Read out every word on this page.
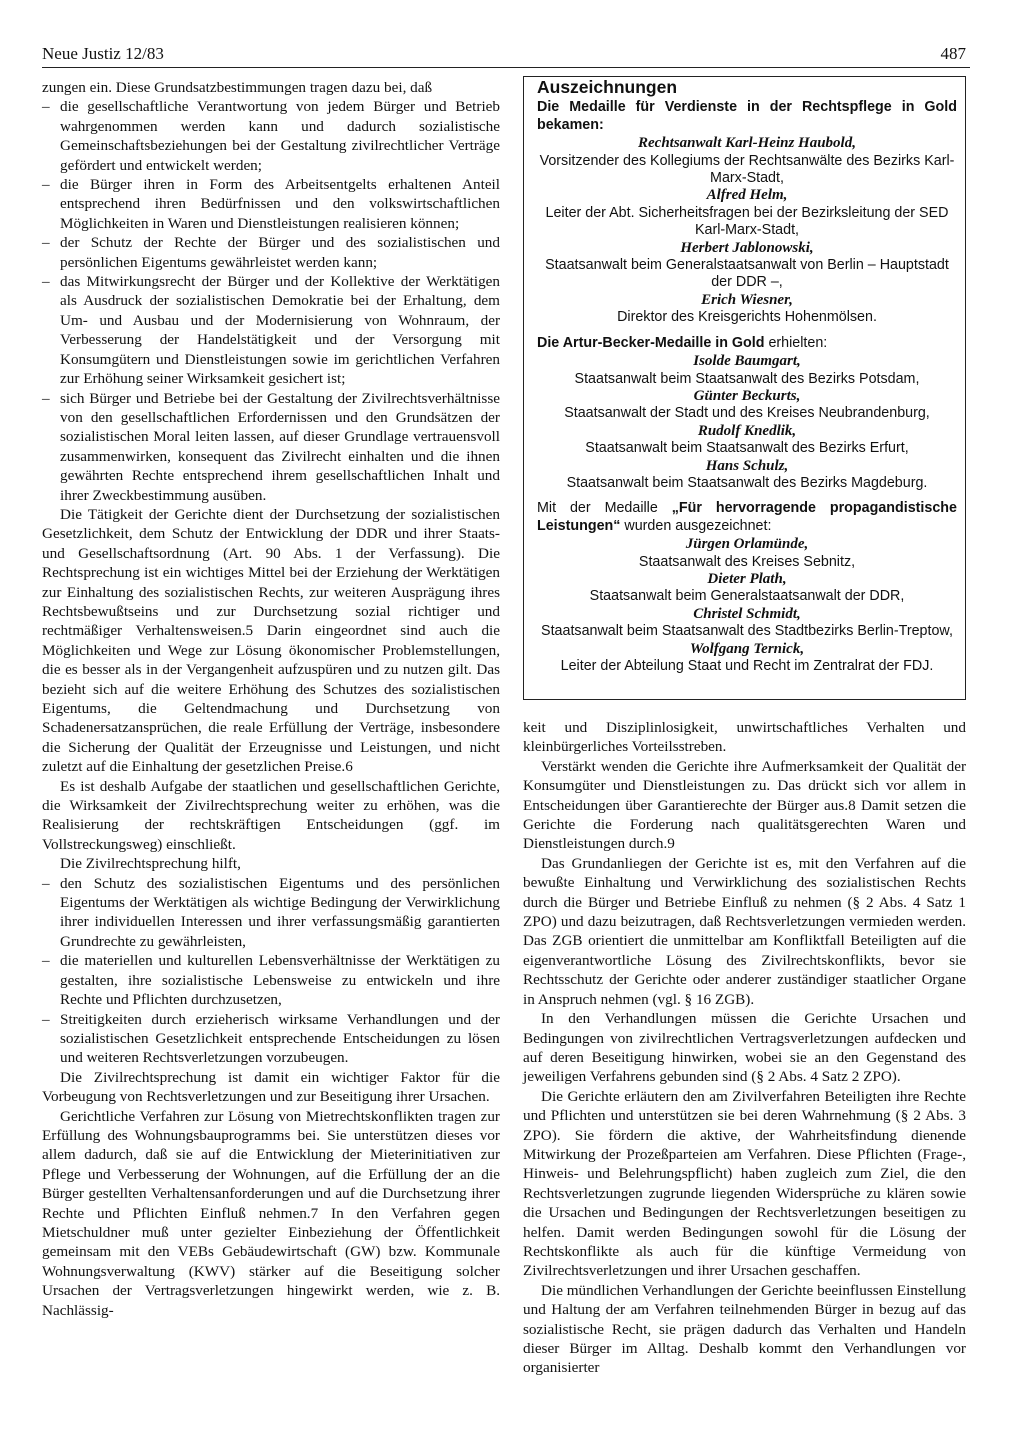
Neue Justiz 12/83	487

zungen ein. Diese Grundsatzbestimmungen tragen dazu bei, daß

– die gesellschaftliche Verantwortung von jedem Bürger und Betrieb wahrgenommen werden kann und dadurch sozialistische Gemeinschaftsbeziehungen bei der Gestaltung zivilrechtlicher Verträge gefördert und entwickelt werden;
– die Bürger ihren in Form des Arbeitsentgelts erhaltenen Anteil entsprechend ihren Bedürfnissen und den volkswirtschaftlichen Möglichkeiten in Waren und Dienstleistungen realisieren können;
– der Schutz der Rechte der Bürger und des sozialistischen und persönlichen Eigentums gewährleistet werden kann;
– das Mitwirkungsrecht der Bürger und der Kollektive der Werktätigen als Ausdruck der sozialistischen Demokratie bei der Erhaltung, dem Um- und Ausbau und der Modernisierung von Wohnraum, der Verbesserung der Handelstätigkeit und der Versorgung mit Konsumgütern und Dienstleistungen sowie im gerichtlichen Verfahren zur Erhöhung seiner Wirksamkeit gesichert ist;
– sich Bürger und Betriebe bei der Gestaltung der Zivilrechtsverhältnisse von den gesellschaftlichen Erfordernissen und den Grundsätzen der sozialistischen Moral leiten lassen, auf dieser Grundlage vertrauensvoll zusammenwirken, konsequent das Zivilrecht einhalten und die ihnen gewährten Rechte entsprechend ihrem gesellschaftlichen Inhalt und ihrer Zweckbestimmung ausüben.

Die Tätigkeit der Gerichte dient der Durchsetzung der sozialistischen Gesetzlichkeit, dem Schutz der Entwicklung der DDR und ihrer Staats- und Gesellschaftsordnung (Art. 90 Abs. 1 der Verfassung). Die Rechtsprechung ist ein wichtiges Mittel bei der Erziehung der Werktätigen zur Einhaltung des sozialistischen Rechts, zur weiteren Ausprägung ihres Rechtsbewußtseins und zur Durchsetzung sozial richtiger und rechtmäßiger Verhaltensweisen.5 Darin eingeordnet sind auch die Möglichkeiten und Wege zur Lösung ökonomischer Problemstellungen, die es besser als in der Vergangenheit aufzuspüren und zu nutzen gilt. Das bezieht sich auf die weitere Erhöhung des Schutzes des sozialistischen Eigentums, die Geltendmachung und Durchsetzung von Schadenersatzansprüchen, die reale Erfüllung der Verträge, insbesondere die Sicherung der Qualität der Erzeugnisse und Leistungen, und nicht zuletzt auf die Einhaltung der gesetzlichen Preise.6

Es ist deshalb Aufgabe der staatlichen und gesellschaftlichen Gerichte, die Wirksamkeit der Zivilrechtsprechung weiter zu erhöhen, was die Realisierung der rechtskräftigen Entscheidungen (ggf. im Vollstreckungsweg) einschließt.

Die Zivilrechtsprechung hilft,

– den Schutz des sozialistischen Eigentums und des persönlichen Eigentums der Werktätigen als wichtige Bedingung der Verwirklichung ihrer individuellen Interessen und ihrer verfassungsmäßig garantierten Grundrechte zu gewährleisten,
– die materiellen und kulturellen Lebensverhältnisse der Werktätigen zu gestalten, ihre sozialistische Lebensweise zu entwickeln und ihre Rechte und Pflichten durchzusetzen,
– Streitigkeiten durch erzieherisch wirksame Verhandlungen und der sozialistischen Gesetzlichkeit entsprechende Entscheidungen zu lösen und weiteren Rechtsverletzungen vorzubeugen.

Die Zivilrechtsprechung ist damit ein wichtiger Faktor für die Vorbeugung von Rechtsverletzungen und zur Beseitigung ihrer Ursachen.

Gerichtliche Verfahren zur Lösung von Mietrechtskonflikten tragen zur Erfüllung des Wohnungsbauprogramms bei. Sie unterstützen dieses vor allem dadurch, daß sie auf die Entwicklung der Mieterinitiativen zur Pflege und Verbesserung der Wohnungen, auf die Erfüllung der an die Bürger gestellten Verhaltensanforderungen und auf die Durchsetzung ihrer Rechte und Pflichten Einfluß nehmen.7 In den Verfahren gegen Mietschuldner muß unter gezielter Einbeziehung der Öffentlichkeit gemeinsam mit den VEBs Gebäudewirtschaft (GW) bzw. Kommunale Wohnungsverwaltung (KWV) stärker auf die Beseitigung solcher Ursachen der Vertragsverletzungen hingewirkt werden, wie z. B. Nachlässig-

Auszeichnungen
Die Medaille für Verdienste in der Rechtspflege in Gold bekamen:
Rechtsanwalt Karl-Heinz Haubold,
Vorsitzender des Kollegiums der Rechtsanwälte des Bezirks Karl-Marx-Stadt,
Alfred Helm,
Leiter der Abt. Sicherheitsfragen bei der Bezirksleitung der SED Karl-Marx-Stadt,
Herbert Jablonowski,
Staatsanwalt beim Generalstaatsanwalt von Berlin – Hauptstadt der DDR –,
Erich Wiesner,
Direktor des Kreisgerichts Hohenmölsen.
Die Artur-Becker-Medaille in Gold erhielten:
Isolde Baumgart,
Staatsanwalt beim Staatsanwalt des Bezirks Potsdam,
Günter Beckurts,
Staatsanwalt der Stadt und des Kreises Neubrandenburg,
Rudolf Knedlik,
Staatsanwalt beim Staatsanwalt des Bezirks Erfurt,
Hans Schulz,
Staatsanwalt beim Staatsanwalt des Bezirks Magdeburg.
Mit der Medaille „Für hervorragende propagandistische Leistungen“ wurden ausgezeichnet:
Jürgen Orlamünde,
Staatsanwalt des Kreises Sebnitz,
Dieter Plath,
Staatsanwalt beim Generalstaatsanwalt der DDR,
Christel Schmidt,
Staatsanwalt beim Staatsanwalt des Stadtbezirks Berlin-Treptow,
Wolfgang Ternick,
Leiter der Abteilung Staat und Recht im Zentralrat der FDJ.

keit und Disziplinlosigkeit, unwirtschaftliches Verhalten und kleinbürgerliches Vorteilsstreben.

Verstärkt wenden die Gerichte ihre Aufmerksamkeit der Qualität der Konsumgüter und Dienstleistungen zu. Das drückt sich vor allem in Entscheidungen über Garantierechte der Bürger aus.8 Damit setzen die Gerichte die Forderung nach qualitätsgerechten Waren und Dienstleistungen durch.9

Das Grundanliegen der Gerichte ist es, mit den Verfahren auf die bewußte Einhaltung und Verwirklichung des sozialistischen Rechts durch die Bürger und Betriebe Einfluß zu nehmen (§ 2 Abs. 4 Satz 1 ZPO) und dazu beizutragen, daß Rechtsverletzungen vermieden werden. Das ZGB orientiert die unmittelbar am Konfliktfall Beteiligten auf die eigenverantwortliche Lösung des Zivilrechtskonflikts, bevor sie Rechtsschutz der Gerichte oder anderer zuständiger staatlicher Organe in Anspruch nehmen (vgl. § 16 ZGB).

In den Verhandlungen müssen die Gerichte Ursachen und Bedingungen von zivilrechtlichen Vertragsverletzungen aufdecken und auf deren Beseitigung hinwirken, wobei sie an den Gegenstand des jeweiligen Verfahrens gebunden sind (§ 2 Abs. 4 Satz 2 ZPO).

Die Gerichte erläutern den am Zivilverfahren Beteiligten ihre Rechte und Pflichten und unterstützen sie bei deren Wahrnehmung (§ 2 Abs. 3 ZPO). Sie fördern die aktive, der Wahrheitsfindung dienende Mitwirkung der Prozeßparteien am Verfahren. Diese Pflichten (Frage-, Hinweis- und Belehrungspflicht) haben zugleich zum Ziel, die den Rechtsverletzungen zugrunde liegenden Widersprüche zu klären sowie die Ursachen und Bedingungen der Rechtsverletzungen beseitigen zu helfen. Damit werden Bedingungen sowohl für die Lösung der Rechtskonflikte als auch für die künftige Vermeidung von Zivilrechtsverletzungen und ihrer Ursachen geschaffen.

Die mündlichen Verhandlungen der Gerichte beeinflussen Einstellung und Haltung der am Verfahren teilnehmenden Bürger in bezug auf das sozialistische Recht, sie prägen dadurch das Verhalten und Handeln dieser Bürger im Alltag. Deshalb kommt den Verhandlungen vor organisierter
